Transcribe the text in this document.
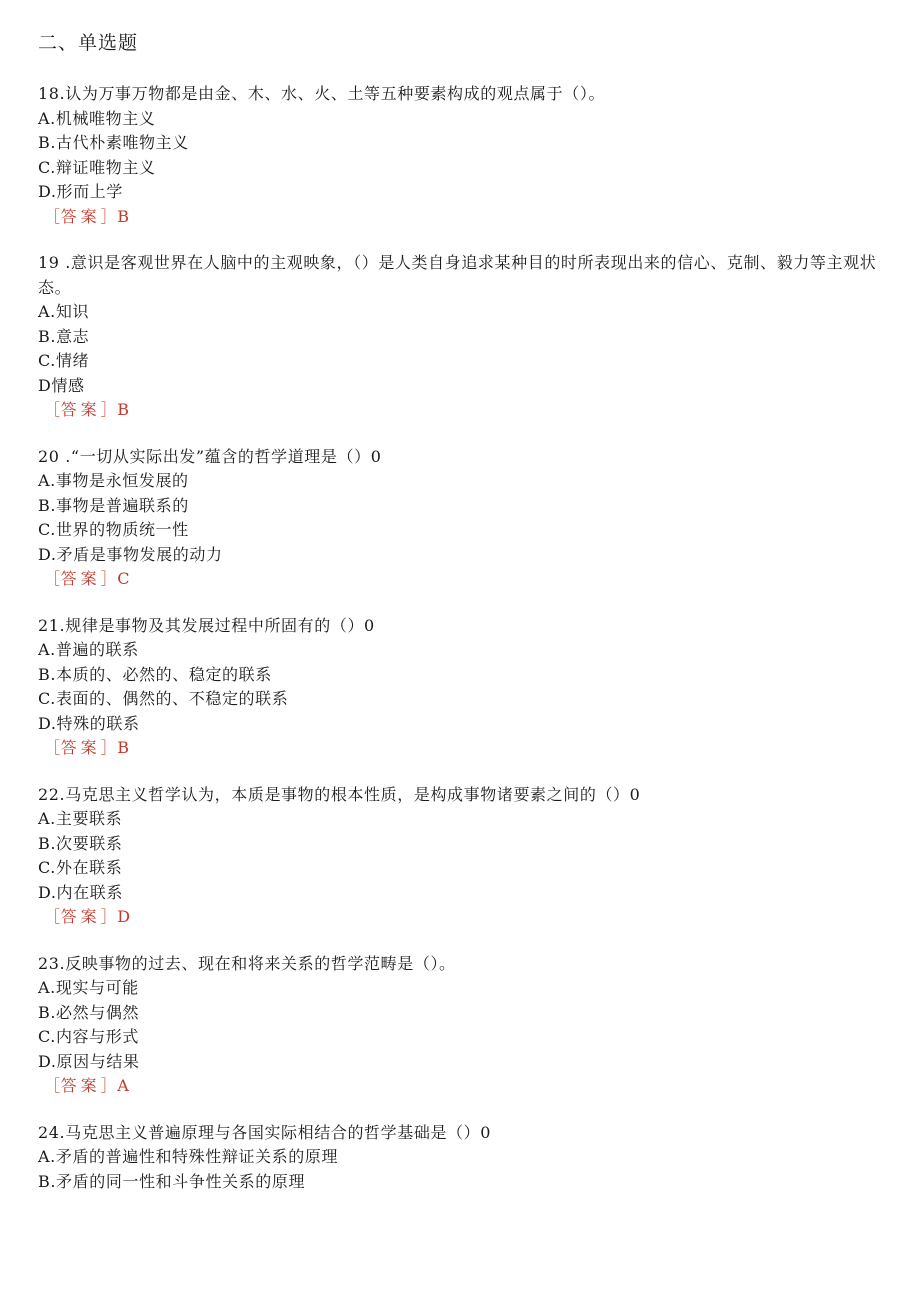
二、单选题
18.认为万事万物都是由金、木、水、火、土等五种要素构成的观点属于（）。
A.机械唯物主义
B.古代朴素唯物主义
C.辩证唯物主义
D.形而上学
［答案］B
19 .意识是客观世界在人脑中的主观映象，（）是人类自身追求某种目的时所表现出来的信心、克制、毅力等主观状态。
A.知识
B.意志
C.情绪
D情感
［答案］B
20 .“一切从实际出发”蕴含的哲学道理是（）0
A.事物是永恒发展的
B.事物是普遍联系的
C.世界的物质统一性
D.矛盾是事物发展的动力
［答案］C
21.规律是事物及其发展过程中所固有的（）0
A.普遍的联系
B.本质的、必然的、稳定的联系
C.表面的、偶然的、不稳定的联系
D.特殊的联系
［答案］B
22.马克思主义哲学认为，本质是事物的根本性质，是构成事物诸要素之间的（）0
A.主要联系
B.次要联系
C.外在联系
D.内在联系
［答案］D
23.反映事物的过去、现在和将来关系的哲学范畴是（）。
A.现实与可能
B.必然与偶然
C.内容与形式
D.原因与结果
［答案］A
24.马克思主义普遍原理与各国实际相结合的哲学基础是（）0
A.矛盾的普遍性和特殊性辩证关系的原理
B.矛盾的同一性和斗争性关系的原理
